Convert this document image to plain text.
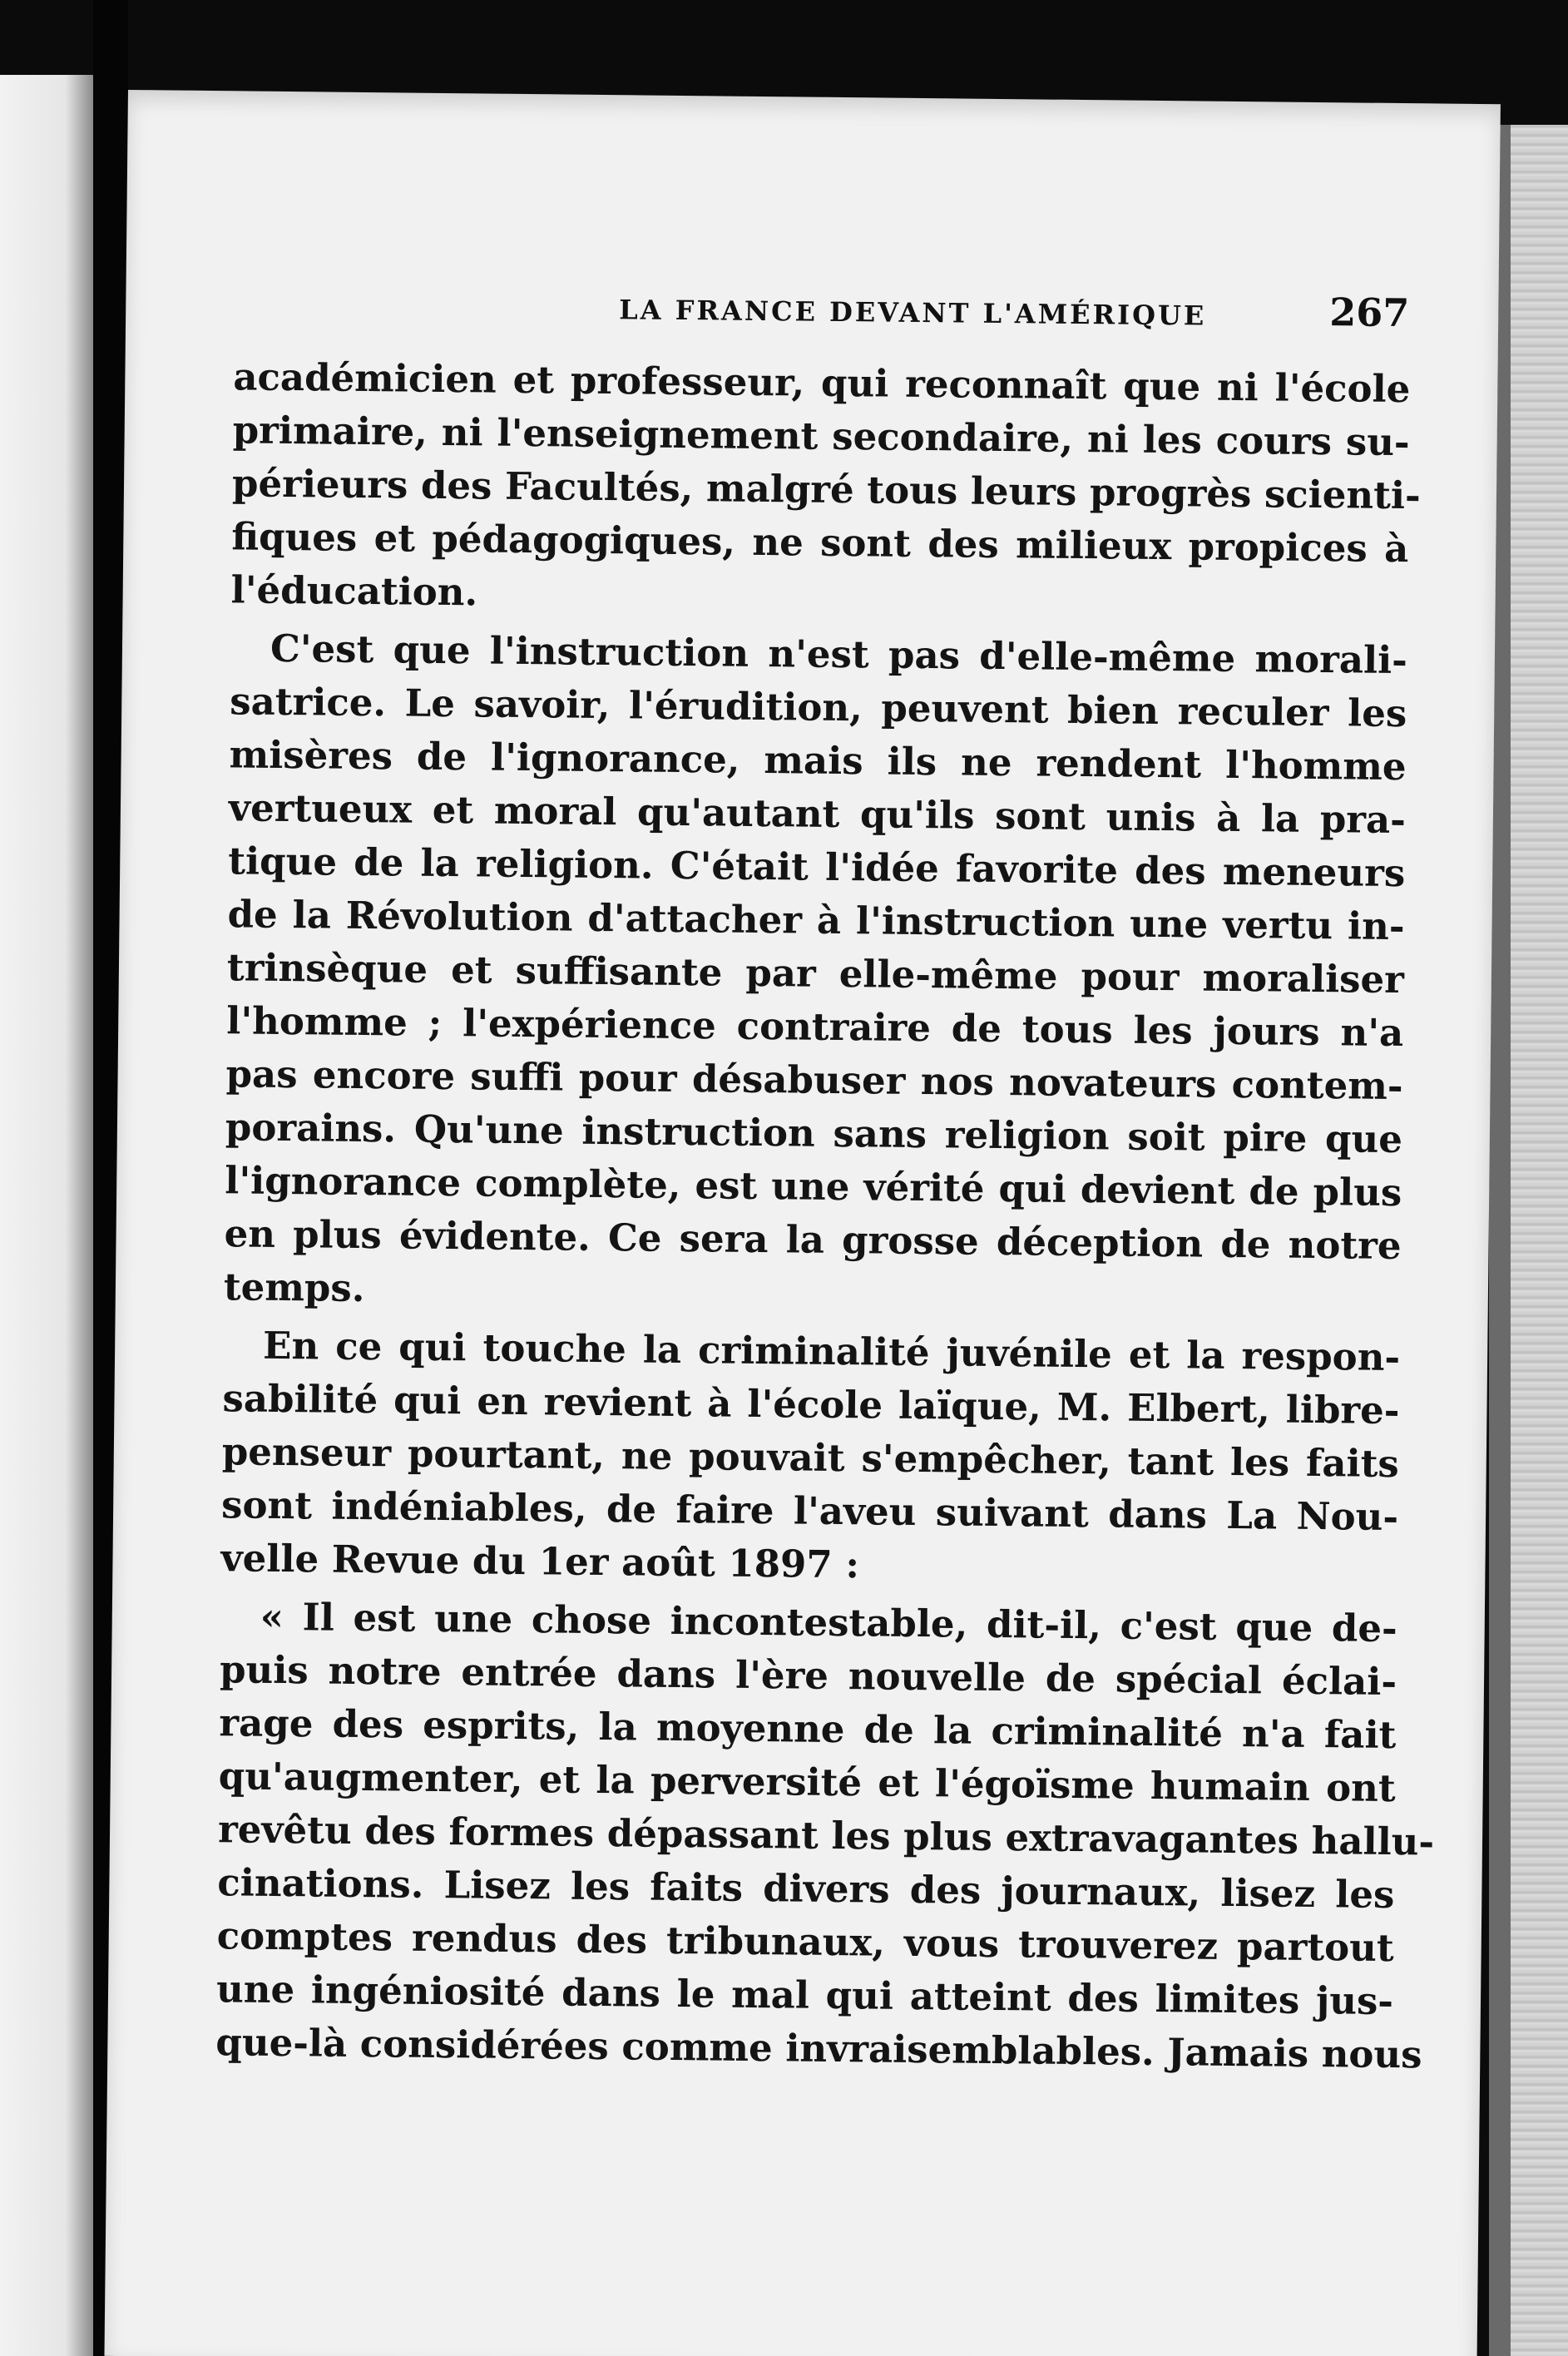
LA FRANCE DEVANT L'AMÉRIQUE	267
académicien et professeur, qui reconnaît que ni l'école
primaire, ni l'enseignement secondaire, ni les cours su-
périeurs des Facultés, malgré tous leurs progrès scienti-
fiques et pédagogiques, ne sont des milieux propices à
l'éducation.
C'est que l'instruction n'est pas d'elle-même morali-
satrice. Le savoir, l'érudition, peuvent bien reculer les
misères de l'ignorance, mais ils ne rendent l'homme
vertueux et moral qu'autant qu'ils sont unis à la pra-
tique de la religion. C'était l'idée favorite des meneurs
de la Révolution d'attacher à l'instruction une vertu in-
trinsèque et suffisante par elle-même pour moraliser
l'homme ; l'expérience contraire de tous les jours n'a
pas encore suffi pour désabuser nos novateurs contem-
porains. Qu'une instruction sans religion soit pire que
l'ignorance complète, est une vérité qui devient de plus
en plus évidente. Ce sera la grosse déception de notre
temps.
En ce qui touche la criminalité juvénile et la respon-
sabilité qui en revient à l'école laïque, M. Elbert, libre-
penseur pourtant, ne pouvait s'empêcher, tant les faits
sont indéniables, de faire l'aveu suivant dans La Nou-
velle Revue du 1er août 1897 :
« Il est une chose incontestable, dit-il, c'est que de-
puis notre entrée dans l'ère nouvelle de spécial éclai-
rage des esprits, la moyenne de la criminalité n'a fait
qu'augmenter, et la perversité et l'égoïsme humain ont
revêtu des formes dépassant les plus extravagantes hallu-
cinations. Lisez les faits divers des journaux, lisez les
comptes rendus des tribunaux, vous trouverez partout
une ingéniosité dans le mal qui atteint des limites jus-
que-là considérées comme invraisemblables. Jamais nous
